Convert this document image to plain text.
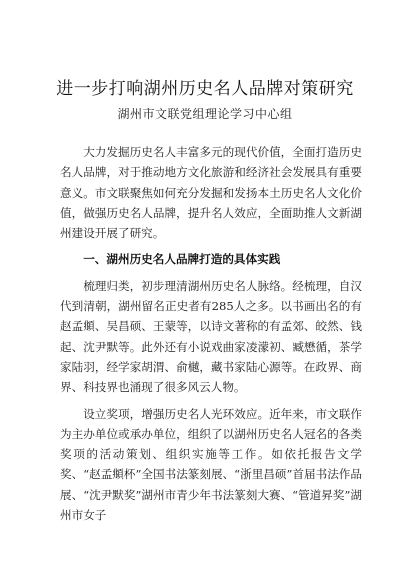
进一步打响湖州历史名人品牌对策研究
湖州市文联党组理论学习中心组

大力发掘历史名人丰富多元的现代价值，全面打造历史名人品牌，对于推动地方文化旅游和经济社会发展具有重要意义。市文联聚焦如何充分发掘和发扬本土历史名人文化价值，做强历史名人品牌，提升名人效应，全面助推人文新湖州建设开展了研究。

一、湖州历史名人品牌打造的具体实践

梳理归类，初步理清湖州历史名人脉络。经梳理，自汉代到清朝，湖州留名正史者有285人之多。以书画出名的有赵孟頫、吴昌硕、王蒙等，以诗文著称的有孟郊、皎然、钱起、沈尹默等。此外还有小说戏曲家凌濛初、臧懋循，茶学家陆羽，经学家胡渭、俞樾，藏书家陆心源等。在政界、商界、科技界也涌现了很多风云人物。

设立奖项，增强历史名人光环效应。近年来，市文联作为主办单位或承办单位，组织了以湖州历史名人冠名的各类奖项的活动策划、组织实施等工作。如依托报告文学奖、“赵孟頫杯”全国书法篆刻展、“浙里昌硕”首届书法作品展、“沈尹默奖”湖州市青少年书法篆刻大赛、“管道昇奖”湖州市女子
